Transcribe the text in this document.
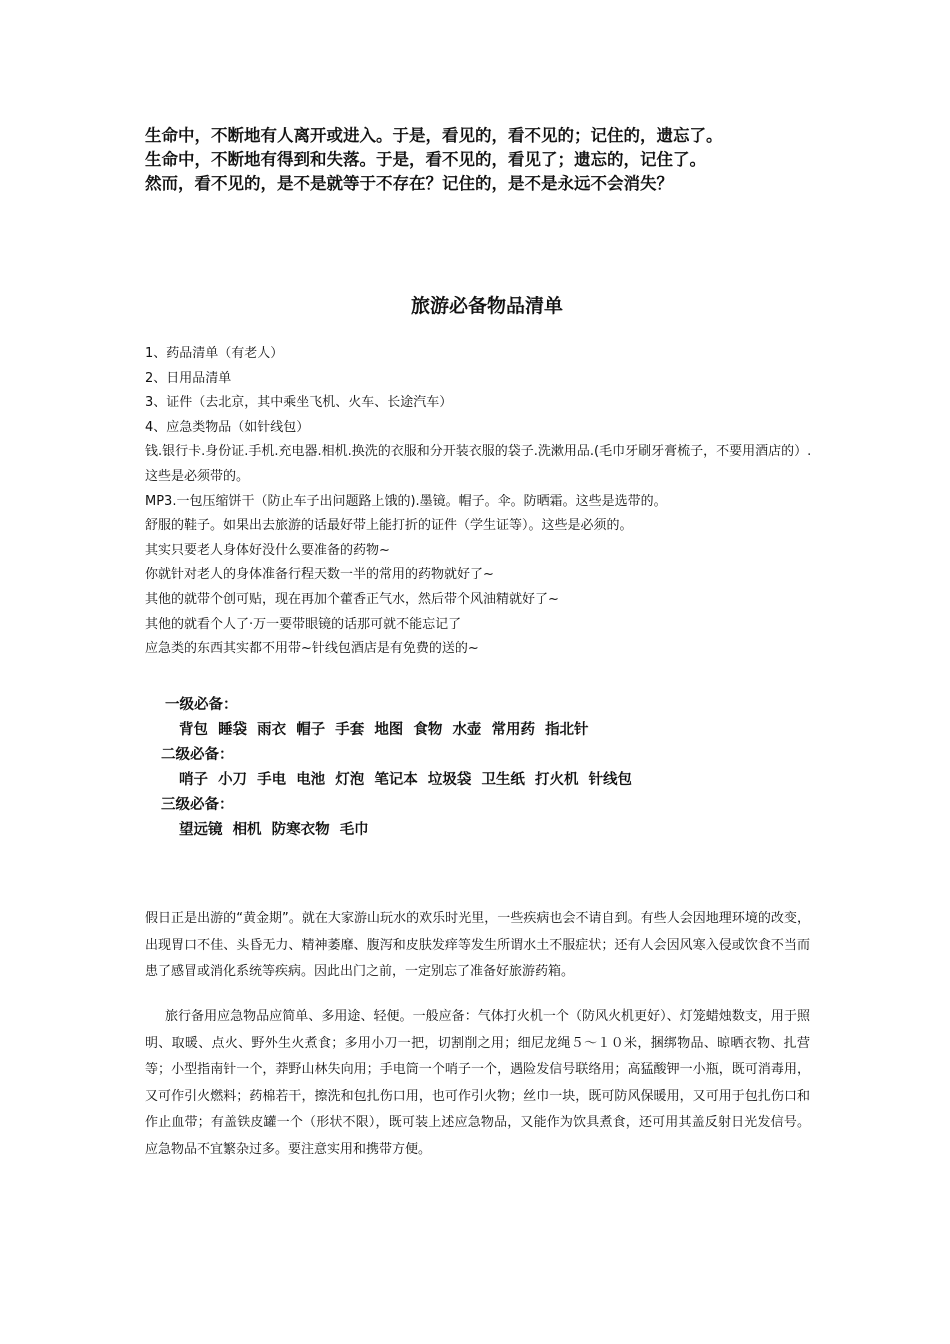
生命中，不断地有人离开或进入。于是，看见的，看不见的；记住的，遗忘了。
生命中，不断地有得到和失落。于是，看不见的，看见了；遗忘的，记住了。
然而，看不见的，是不是就等于不存在？记住的，是不是永远不会消失？
旅游必备物品清单
1、药品清单（有老人）
2、日用品清单
3、证件（去北京，其中乘坐飞机、火车、长途汽车）
4、应急类物品（如针线包）
钱.银行卡.身份证.手机.充电器.相机.换洗的衣服和分开装衣服的袋子.洗漱用品.(毛巾牙刷牙膏梳子，不要用酒店的）.这些是必须带的。
MP3.一包压缩饼干（防止车子出问题路上饿的).墨镜。帽子。伞。防晒霜。这些是选带的。
舒服的鞋子。如果出去旅游的话最好带上能打折的证件（学生证等）。这些是必须的。
其实只要老人身体好没什么要准备的药物~
你就针对老人的身体准备行程天数一半的常用的药物就好了~
其他的就带个创可贴，现在再加个藿香正气水，然后带个风油精就好了~
其他的就看个人了·万一要带眼镜的话那可就不能忘记了
应急类的东西其实都不用带~针线包酒店是有免费的送的~
一级必备：
背包 睡袋 雨衣 帽子 手套 地图 食物 水壶 常用药 指北针
二级必备：
哨子 小刀 手电 电池 灯泡 笔记本 垃圾袋 卫生纸 打火机 针线包
三级必备：
望远镜 相机 防寒衣物 毛巾
假日正是出游的“黄金期”。就在大家游山玩水的欢乐时光里，一些疾病也会不请自到。有些人会因地理环境的改变，出现胃口不佳、头昏无力、精神萎靡、腹泻和皮肤发痒等发生所谓水土不服症状；还有人会因风寒入侵或饮食不当而患了感冒或消化系统等疾病。因此出门之前，一定别忘了准备好旅游药箱。
旅行备用应急物品应简单、多用途、轻便。一般应备：气体打火机一个（防风火机更好）、灯笼蜡烛数支，用于照明、取暖、点火、野外生火煮食；多用小刀一把，切割削之用；细尼龙绳５～１０米，捆绑物品、晾晒衣物、扎营等；小型指南针一个，莽野山林失向用；手电筒一个哨子一个，遇险发信号联络用；高猛酸钾一小瓶，既可消毒用，又可作引火燃料；药棉若干，擦洗和包扎伤口用，也可作引火物；丝巾一块，既可防风保暖用，又可用于包扎伤口和作止血带；有盖铁皮罐一个（形状不限），既可装上述应急物品，又能作为饮具煮食，还可用其盖反射日光发信号。应急物品不宜繁杂过多。要注意实用和携带方便。
